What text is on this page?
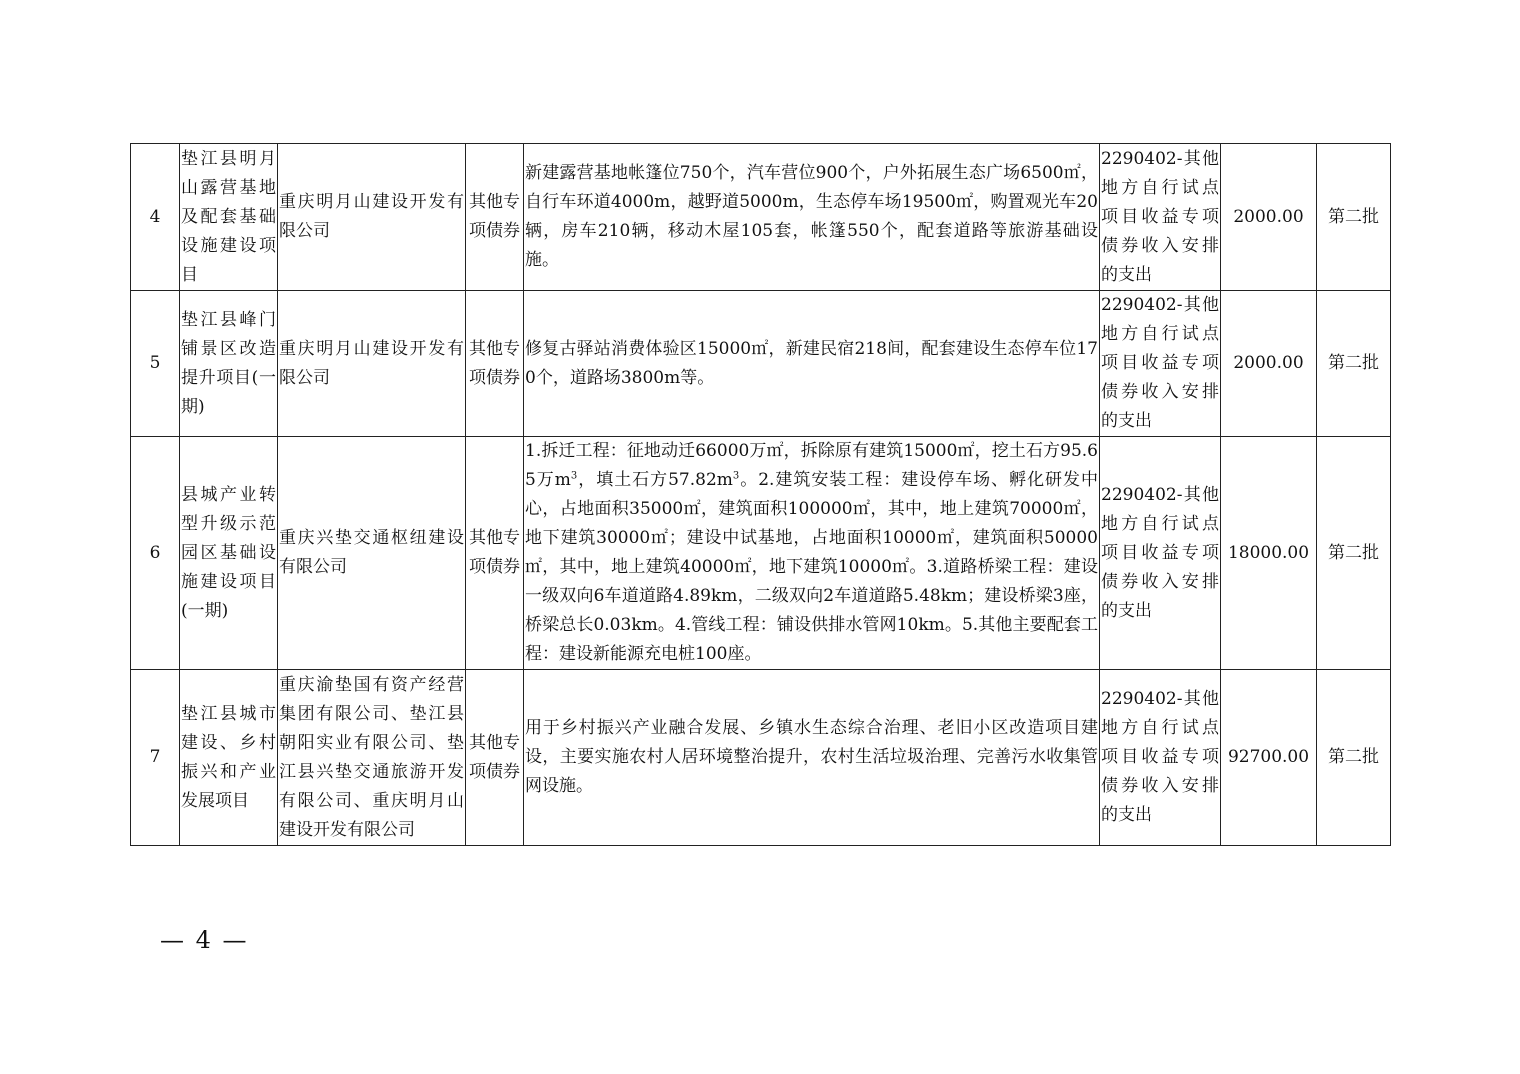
4	垫江县明月山露营基地及配套基础设施建设项目	重庆明月山建设开发有限公司	其他专项债券	新建露营基地帐篷位750个，汽车营位900个，户外拓展生态广场6500㎡，自行车环道4000m，越野道5000m，生态停车场19500㎡，购置观光车20辆，房车210辆，移动木屋105套，帐篷550个，配套道路等旅游基础设施。	2290402-其他地方自行试点项目收益专项债券收入安排的支出	2000.00	第二批
5	垫江县峰门铺景区改造提升项目(一期)	重庆明月山建设开发有限公司	其他专项债券	修复古驿站消费体验区15000㎡，新建民宿218间，配套建设生态停车位170个，道路场3800m等。	2290402-其他地方自行试点项目收益专项债券收入安排的支出	2000.00	第二批
6	县城产业转型升级示范园区基础设施建设项目(一期)	重庆兴垫交通枢纽建设有限公司	其他专项债券	1.拆迁工程：征地动迁66000万㎡，拆除原有建筑15000㎡，挖土石方95.65万$m^3$，填土石方$57.82m^3$。2.建筑安装工程：建设停车场、孵化研发中心，占地面积35000㎡，建筑面积100000㎡，其中，地上建筑70000㎡，地下建筑30000㎡；建设中试基地，占地面积10000㎡，建筑面积50000㎡，其中，地上建筑40000㎡，地下建筑10000㎡。3.道路桥梁工程：建设一级双向6车道道路4.89km，二级双向2车道道路5.48km；建设桥梁3座，桥梁总长0.03km。4.管线工程：铺设供排水管网10km。5.其他主要配套工程：建设新能源充电桩100座。	2290402-其他地方自行试点项目收益专项债券收入安排的支出	18000.00	第二批
7	垫江县城市建设、乡村振兴和产业发展项目	重庆渝垫国有资产经营集团有限公司、垫江县朝阳实业有限公司、垫江县兴垫交通旅游开发有限公司、重庆明月山建设开发有限公司	其他专项债券	用于乡村振兴产业融合发展、乡镇水生态综合治理、老旧小区改造项目建设，主要实施农村人居环境整治提升，农村生活垃圾治理、完善污水收集管网设施。	2290402-其他地方自行试点项目收益专项债券收入安排的支出	92700.00	第二批
— 4 —
